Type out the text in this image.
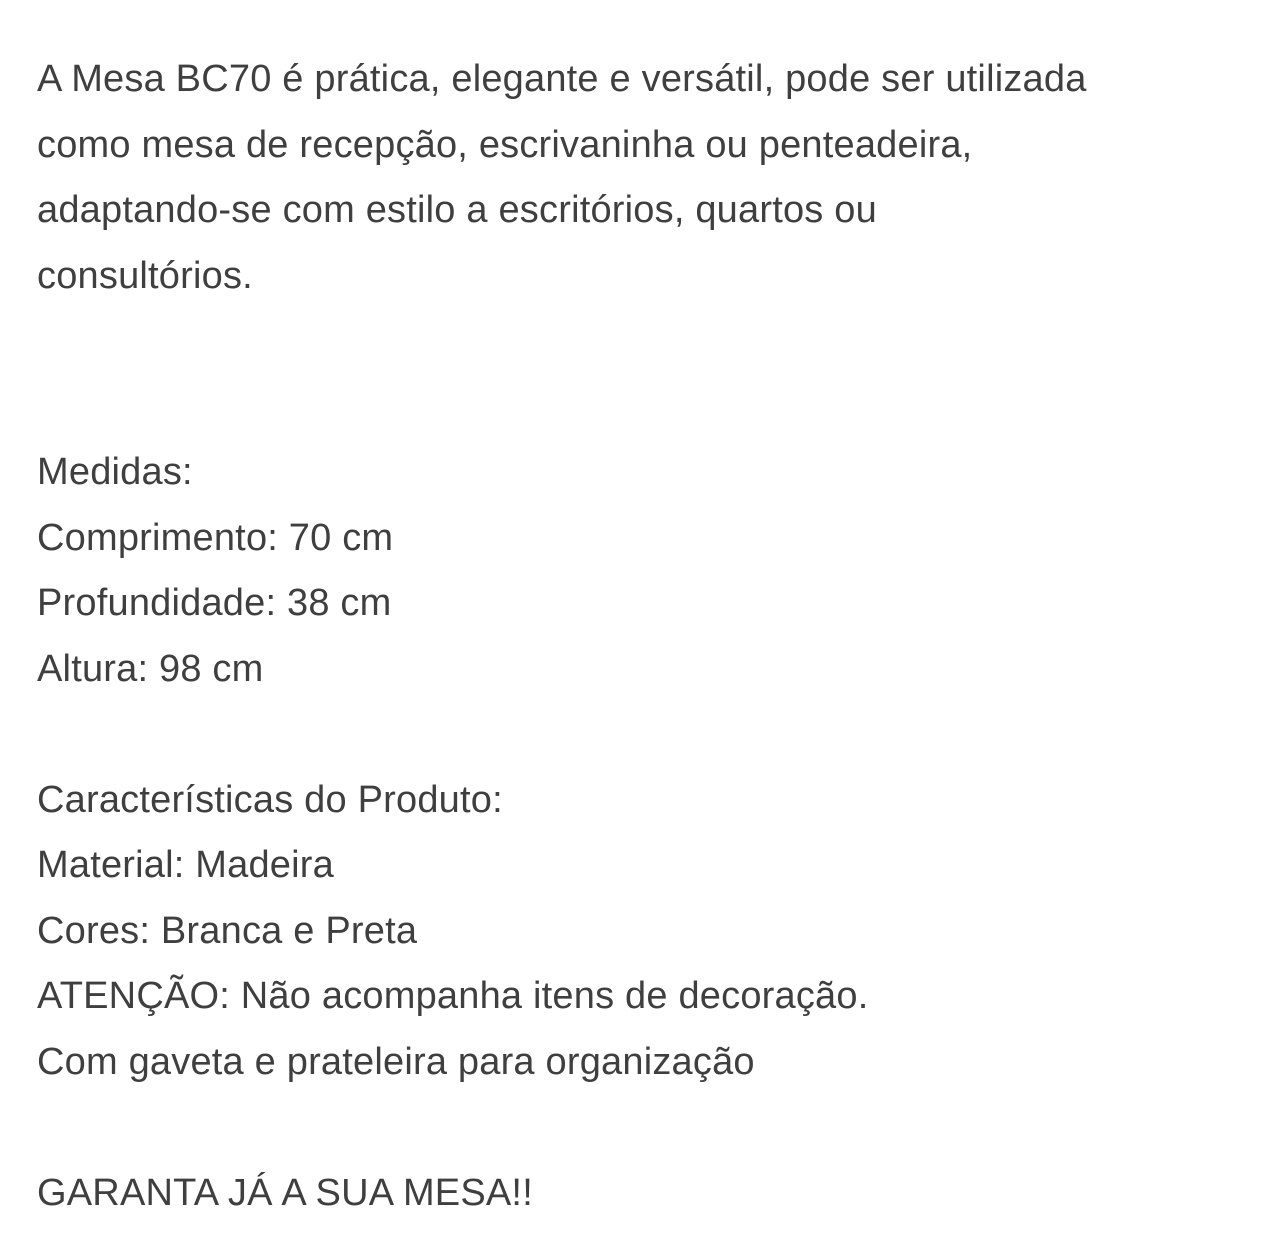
A Mesa BC70 é prática, elegante e versátil, pode ser utilizada
como mesa de recepção, escrivaninha ou penteadeira,
adaptando-se com estilo a escritórios, quartos ou
consultórios.
Medidas:
Comprimento: 70 cm
Profundidade: 38 cm
Altura: 98 cm
Características do Produto:
Material: Madeira
Cores: Branca e Preta
ATENÇÃO: Não acompanha itens de decoração.
Com gaveta e prateleira para organização
GARANTA JÁ A SUA MESA!!
